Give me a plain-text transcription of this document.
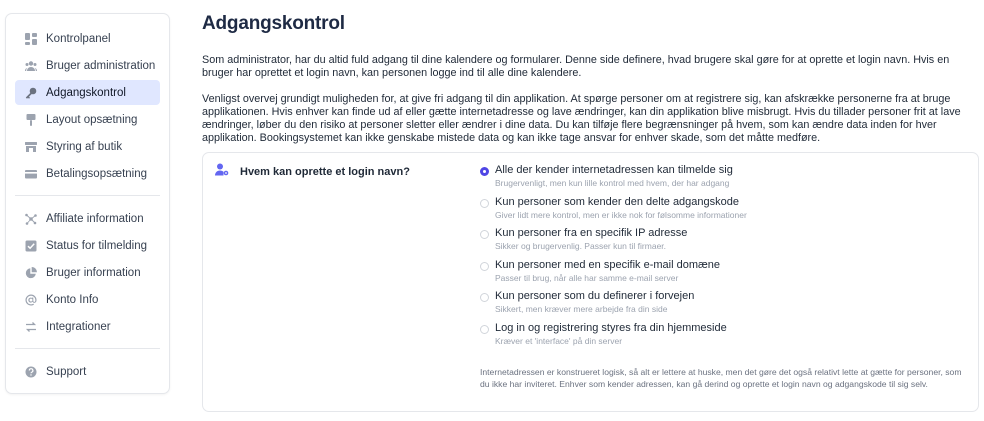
Kontrolpanel
Bruger administration
Adgangskontrol
Layout opsætning
Styring af butik
Betalingsopsætning
Affiliate information
Status for tilmelding
Bruger information
Konto Info
Integrationer
Support
Adgangskontrol

Som administrator, har du altid fuld adgang til dine kalendere og formularer. Denne side definere, hvad brugere skal gøre for at oprette et login navn. Hvis en bruger har oprettet et login navn, kan personen logge ind til alle dine kalendere.

Venligst overvej grundigt muligheden for, at give fri adgang til din applikation. At spørge personer om at registrere sig, kan afskrække personerne fra at bruge applikationen. Hvis enhver kan finde ud af eller gætte internetadresse og lave ændringer, kan din applikation blive misbrugt. Hvis du tillader personer frit at lave ændringer, løber du den risiko at personer sletter eller ændrer i dine data. Du kan tilføje flere begrænsninger på hvem, som kan ændre data inden for hver applikation. Bookingsystemet kan ikke genskabe mistede data og kan ikke tage ansvar for enhver skade, som det måtte medføre.

Hvem kan oprette et login navn?	Alle der kender internetadressen kan tilmelde sig
Brugervenligt, men kun lille kontrol med hvem, der har adgang
Kun personer som kender den delte adgangskode
Giver lidt mere kontrol, men er ikke nok for følsomme informationer
Kun personer fra en specifik IP adresse
Sikker og brugervenlig. Passer kun til firmaer.
Kun personer med en specifik e-mail domæne
Passer til brug, når alle har samme e-mail server
Kun personer som du definerer i forvejen
Sikkert, men kræver mere arbejde fra din side
Log in og registrering styres fra din hjemmeside
Kræver et 'interface' på din server

Internetadressen er konstrueret logisk, så alt er lettere at huske, men det gøre det også relativt lette at gætte for personer, som du ikke har inviteret. Enhver som kender adressen, kan gå derind og oprette et login navn og adgangskode til sig selv.
